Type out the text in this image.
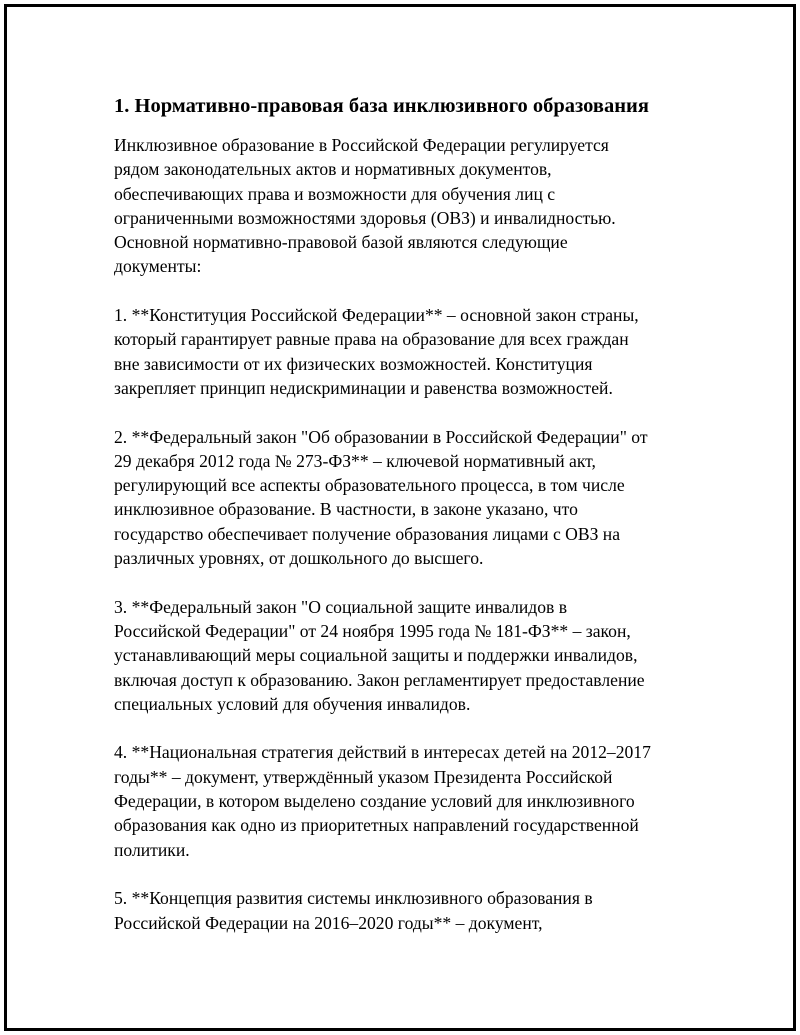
1. Нормативно-правовая база инклюзивного образования

Инклюзивное образование в Российской Федерации регулируется
рядом законодательных актов и нормативных документов,
обеспечивающих права и возможности для обучения лиц с
ограниченными возможностями здоровья (ОВЗ) и инвалидностью.
Основной нормативно-правовой базой являются следующие
документы:

1. **Конституция Российской Федерации** – основной закон страны,
который гарантирует равные права на образование для всех граждан
вне зависимости от их физических возможностей. Конституция
закрепляет принцип недискриминации и равенства возможностей.

2. **Федеральный закон "Об образовании в Российской Федерации" от
29 декабря 2012 года № 273-ФЗ** – ключевой нормативный акт,
регулирующий все аспекты образовательного процесса, в том числе
инклюзивное образование. В частности, в законе указано, что
государство обеспечивает получение образования лицами с ОВЗ на
различных уровнях, от дошкольного до высшего.

3. **Федеральный закон "О социальной защите инвалидов в
Российской Федерации" от 24 ноября 1995 года № 181-ФЗ** – закон,
устанавливающий меры социальной защиты и поддержки инвалидов,
включая доступ к образованию. Закон регламентирует предоставление
специальных условий для обучения инвалидов.

4. **Национальная стратегия действий в интересах детей на 2012–2017
годы** – документ, утверждённый указом Президента Российской
Федерации, в котором выделено создание условий для инклюзивного
образования как одно из приоритетных направлений государственной
политики.

5. **Концепция развития системы инклюзивного образования в
Российской Федерации на 2016–2020 годы** – документ,
